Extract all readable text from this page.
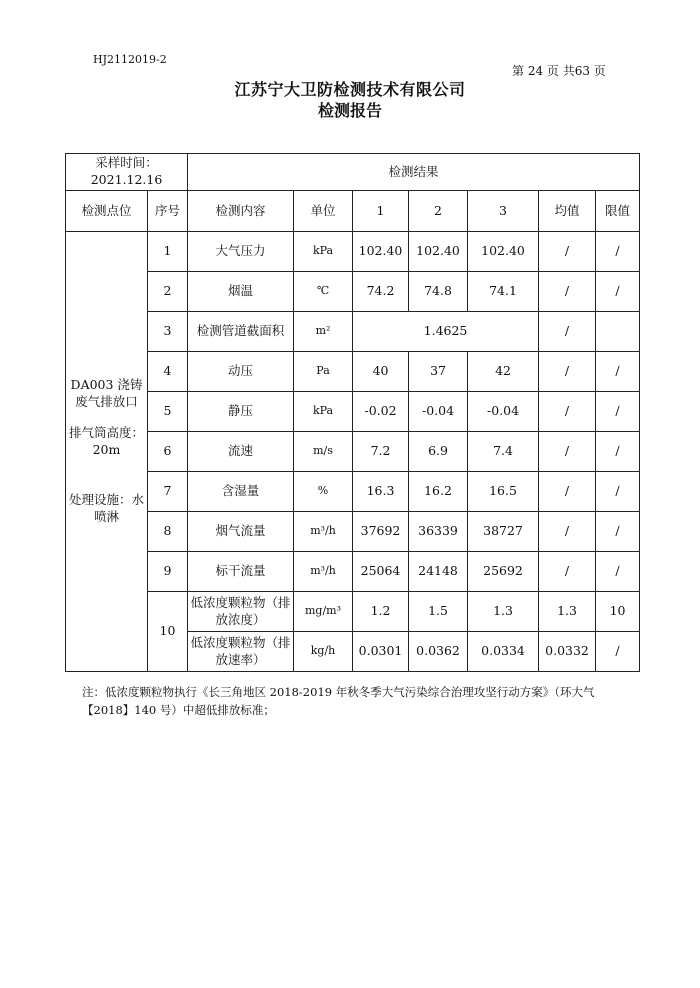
HJ2112019-2
第 24 页 共63 页
江苏宁大卫防检测技术有限公司
检测报告
采样时间：
2021.12.16		检测结果						
检测点位	序号	检测内容	单位	1	2	3	均值	限值

DA003 浇铸废气排放口
排气筒高度：20m
处理设施：水喷淋	1	大气压力	kPa	102.40	102.40	102.40	/	/
	2	烟温	℃	74.2	74.8	74.1	/	/
	3	检测管道截面积	m²	1.4625			/	
	4	动压	Pa	40	37	42	/	/
	5	静压	kPa	-0.02	-0.04	-0.04	/	/
	6	流速	m/s	7.2	6.9	7.4	/	/
	7	含湿量	%	16.3	16.2	16.5	/	/
	8	烟气流量	m³/h	37692	36339	38727	/	/
	9	标干流量	m³/h	25064	24148	25692	/	/
	10	低浓度颗粒物（排放浓度）	mg/m³	1.2	1.5	1.3	1.3	10
		低浓度颗粒物（排放速率）	kg/h	0.0301	0.0362	0.0334	0.0332	/
注：低浓度颗粒物执行《长三角地区 2018-2019 年秋冬季大气污染综合治理攻坚行动方案》（环大气【2018】140 号）中超低排放标准；
